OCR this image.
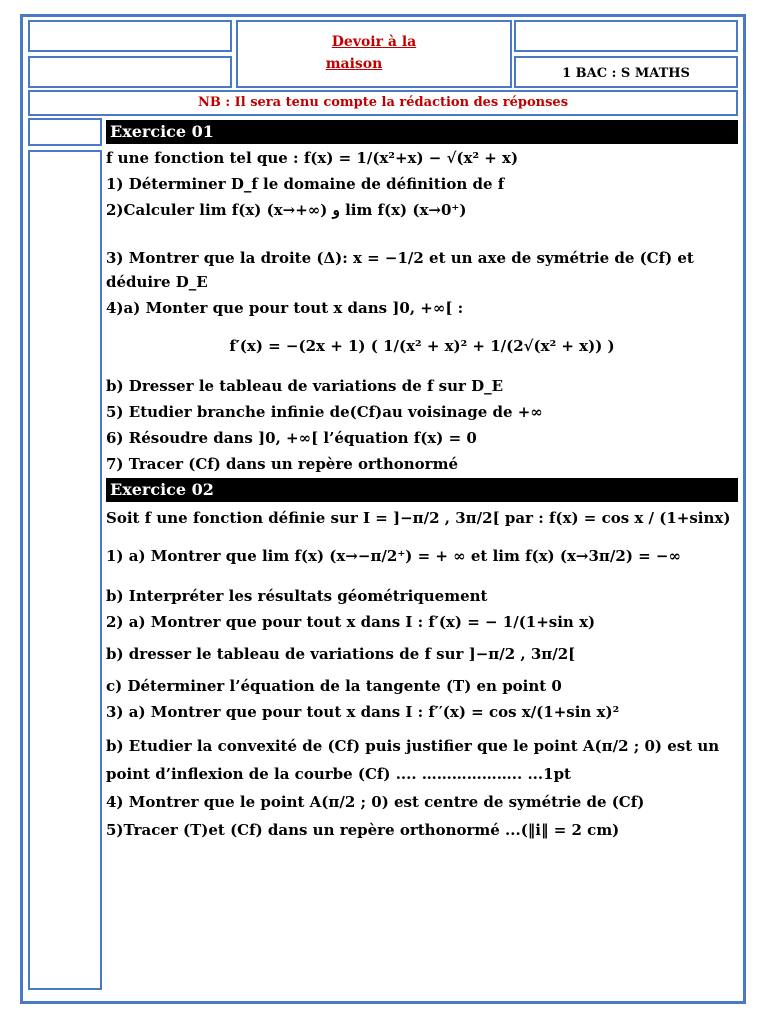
Devoir à la
maison
1 BAC : S MATHS
NB : Il sera tenu compte la rédaction des réponses
Exercice 01
f une fonction tel que : f(x) = 1/(x²+x) − √(x² + x)
1) Déterminer D_f le domaine de définition de f
2)Calculer lim f(x) (x→+∞) و lim f(x) (x→0⁺)
3) Montrer que la droite (Δ): x = −1/2 et un axe de symétrie de (Cf) et
déduire D_E
4)a) Monter que pour tout x dans ]0, +∞[ :
f′(x) = −(2x + 1) ( 1/(x² + x)² + 1/(2√(x² + x)) )
b) Dresser le tableau de variations de f sur D_E
5) Etudier branche infinie de(Cf)au voisinage de +∞
6) Résoudre dans ]0, +∞[ l’équation f(x) = 0
7) Tracer (Cf) dans un repère orthonormé
Exercice 02
Soit f une fonction définie sur I = ]−π/2 , 3π/2[ par : f(x) = cos x / (1+sinx)
1) a) Montrer que lim f(x) (x→−π/2⁺) = + ∞ et lim f(x) (x→3π/2) = −∞
b) Interpréter les résultats géométriquement
2) a) Montrer que pour tout x dans I : f′(x) = − 1/(1+sin x)
b) dresser le tableau de variations de f sur ]−π/2 , 3π/2[
c) Déterminer l’équation de la tangente (T) en point 0
3) a) Montrer que pour tout x dans I : f′′(x) = cos x/(1+sin x)²
b) Etudier la convexité de (Cf) puis justifier que le point A(π/2 ; 0) est un
point d’inflexion de la courbe (Cf) .... ……………….. ...1pt
4) Montrer que le point A(π/2 ; 0) est centre de symétrie de (Cf)
5)Tracer (T)et (Cf) dans un repère orthonormé ...(‖i‖ = 2 cm)
